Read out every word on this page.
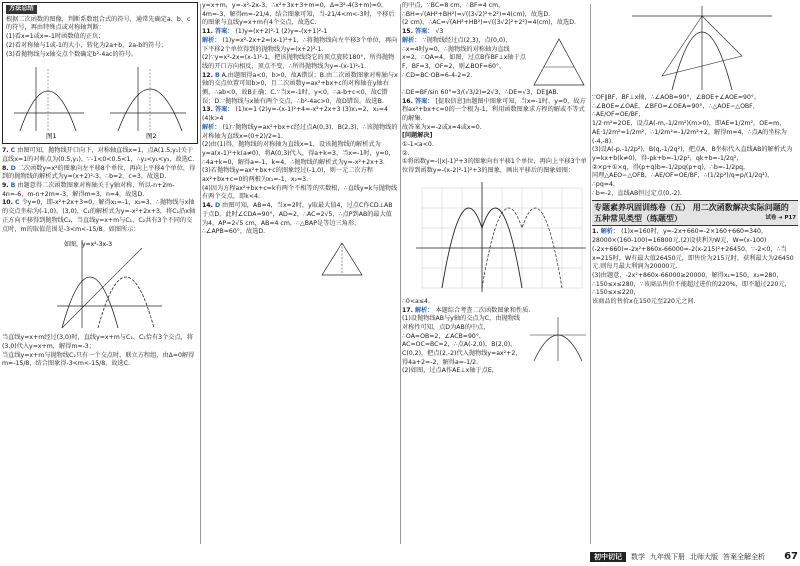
方法总结

根据二次函数的图像，判断系数组合式的符号，通常先确定a、b、c的符号，再由特殊点或对称轴判断：

(1)看x=1或x=-1时函数值的正负；

(2)看对称轴与1或-1的大小，转化为2a+b、2a-b的符号；

(3)看抛物线与x轴交点个数确定b²-4ac的符号。

图1	图2

7. C 由图可知，抛物线开口向下，对称轴直线x=1，点A(1.5,y₁)关于直线x=1的对称点为(0.5,y₁)，∵-1<0<0.5<1，∴y₂<y₁<y₃，故选C.

8. D 二次函数y=x²的图象向左平移8个单位，再向上平移4个单位，得到的抛物线的解析式为y=(x+2)²-3，∴b=2，c=3，故选D.

9. B 由题意得二次函数图象对称轴关于y轴对称，所以-n+2m-4n=-6，m-n+2m=-3，解得m=3，n=4，故选D.

10. C 令y=0，即-x²+2x+3=0，解得x₁=-1，x₂=3，∴抛物线与x轴的交点坐标为(-1,0)，(3,0)，C₁的解析式为y=-x²+2x+3，将C₁沿x轴正方向平移得到抛物线C₂，当直线y=x+m与C₁、C₂共有3个不同的交点时，m的取值范围是-3<m<-15/8。如图所示：

如图，y=x²-3x-3

当直线y=x+m经过(3,0)时，直线y=x+m与C₁、C₂恰有3个交点，将(3,0)代入y=x+m，解得m=-3；

当直线y=x+m与抛物线C₂只有一个交点时，联立方程组，由Δ=0解得m=-15/8，结合图象得-3<m<-15/8，故选C.

y=x+m，y=-x²-2x-3，∴x²+3x+3+m=0，Δ=3²-4(3+m)=0，

4m=-3，解得m=-21/4，结合图象可知，当-21/4<m<-3时，平移后的图象与直线y=x+m有4个交点，故选C.

11. 答案： (1)y=(x+2)²-1 (2)y=-(x+1)²-1

解析： (1)y=x²-2x+2=(x-1)²+1，∴将抛物线向左平移3个单位，再向下平移2个单位得到的抛物线为y=(x+2)²-1.

(2)∵y=x²-2x=(x-1)²-1，把该抛物线绕它的顶点旋转180°，所得抛物线的开口方向相反，顶点不变，∴所得抛物线为y=-(x-1)²-1.

12. B A.由题图得a<0，b>0，故A错误；B.由二次函数图象对称轴与x轴的交点位置可知b>0，且二次函数y=ax²+bx+c的对称轴在y轴右侧，∴ab<0，故B正确；C.∵当x=-1时，y<0，∴a-b+c<0，故C错误；D.∵抛物线与x轴有两个交点，∴b²-4ac>0，故D错误。故选B.

13. 答案： (1)x=1 (2)y=-(x-1)²+4=-x²+2x+3 (3)x₁=2，x₂=4 (4)k>4

解析： (1)∵抛物线y=ax²+bx+c经过点A(0,3)、B(2,3)，∴该抛物线的对称轴为直线x=(0+2)/2=1.

(2)由(1)得，抛物线的对称轴为直线x=1，设该抛物线的解析式为y=a(x-1)²+k(a≠0)，将A(0,3)代入，得a+k=3，当x=-1时，y=0，∴4a+k=0，解得a=-1，k=4，∴抛物线的解析式为y=-x²+2x+3.

(3)若抛物线y=ax²+bx+c的图象经过(-1,0)，则一元二次方程ax²+bx+c=0的两根为x₁=-1，x₂=3.

(4)因为方程ax²+bx+c=k有两个不相等的实数根，∴直线y=k与抛物线有两个交点，即k<4.

14. D 由图可知，AB=4，当x=2时，y取最大值4，过点C作CD⊥AB于点D，此时∠CDA=90°，AD=2，∴AC=2√5，∴点P到AB的最大值为4，AP=2√5 cm，AB=4 cm，∴△BAP是等边三角形，∴∠APB=60°，故选D.

的中点，∵BC=8 cm，∴BF=4 cm，∴BH=√(AH²+BH²)=√((3√2)²+2²)=4(cm)，故选D.

(2 cm)，∴AC=√(AH²+HB²)=√((3√2)²+2²)=4(cm)，故选D.

15. 答案： √3

解析： ∵抛物线经过点(2,3)，点(0,0)，∴x=4时y=0，∴抛物线的对称轴为直线x=2，∴OA=4，如图，过点B作BF⊥x轴于点F，BF=3，OF=2，则∠BOF=60°，∴CD=BC·OB=6-4-2=2.

∴DE=BF/sin 60°=3/(√3/2)=2√3，∴DE=√3，DE∥AB.

16. 答案： [提取信息]由题图中图象可知，当x=-1时，y=0，故方程ax²+bx+c=0的一个根为-1，利用函数图象求方程的解或不等式的解集.

故答案为x=-2或x=4或x=0.

[问题解决]

①-1<a<0.

②.

①将函数y=-(|x|-1)²+3的图象向右平移1个单位，再向上平移3个单位得到函数y=-(x-2)²-1)²+3的图象，画出平移后的图象如图：

∴0<a≤4.

17. 解析： 本题综合考查二次函数图象和性质.

(1)设抛物线AB与y轴的交点为C，由抛物线对称性可知，点D为AB的中点，

∴OA=OB=2，∠ACB=90°，AC=OC=BC=2，∴点A(-2,0)，B(2,0)，C(0,2)，把点(2,-2)代入抛物线y=ax²+2，得4a+2=-2，解得a=-1/2.

(2)如图，过点A作AE⊥x轴于点E，

∵OF∥BF，BF⊥x轴，∴∠AOB=90°，∠BOE+∠AOE=90°，

∴∠BOE=∠OAE，∠BFO=∠OEA=90°，∴△AOE∽△OBF，∴AE/OF=OE/BF，

1/2·m²=2OE，设点A(-m,-1/2m²)(m>0)，即AE=1/2m²，OE=m，

AE·1/2m²=1/2m²，∴1/2m²=-1/2m²+2，解得m=4，∴点A的坐标为(-4,-8).

(3)设A(-p,-1/2p²)，B(q,-1/2q²)，把点A、B坐标代入直线AB的解析式为y=kx+b(k≠0)，得-pk+b=-1/2p²，qk+b=-1/2q²，

②×p+①×q，得(p+q)b=-1/2pq(p+q)，∴b=-1/2pq，

同理△AEO∽△OFB，∴AE/OF=OE/BF，∴(1/2p²)/q=p/(1/2q²)，∴pq=4，

∴b=-2，直线AB恒过定点(0,-2).

专题素养巩固训练卷（五） 用二次函数解决实际问题的五种常见类型（练题型）	试卷 ➜ P17

1. 解析： (1)x=160时，y=-2x+660=-2×160+660=340，28000×(160-100)=16800元.(2)设获利为W元，W=(x-100)(-2x+660)=-2x²+860x-66000=-2(x-215)²+26450，∵-2<0，∴当x=215时，W有最大值26450元，即售价为215元时，获利最大为26450元.则每月最大利润为20000元.

(3)由题意，-2x²+860x-66000≥20000，解得x₁=150，x₂=280，∴150≤x≤280，∵该商品售价不能超过进价的220%，即不超过220元，∴150≤x≤220，

该商品的售价x在150元至220元之间.

初中切记	数学 九年级下册 北师大版 答案全解全析 67
